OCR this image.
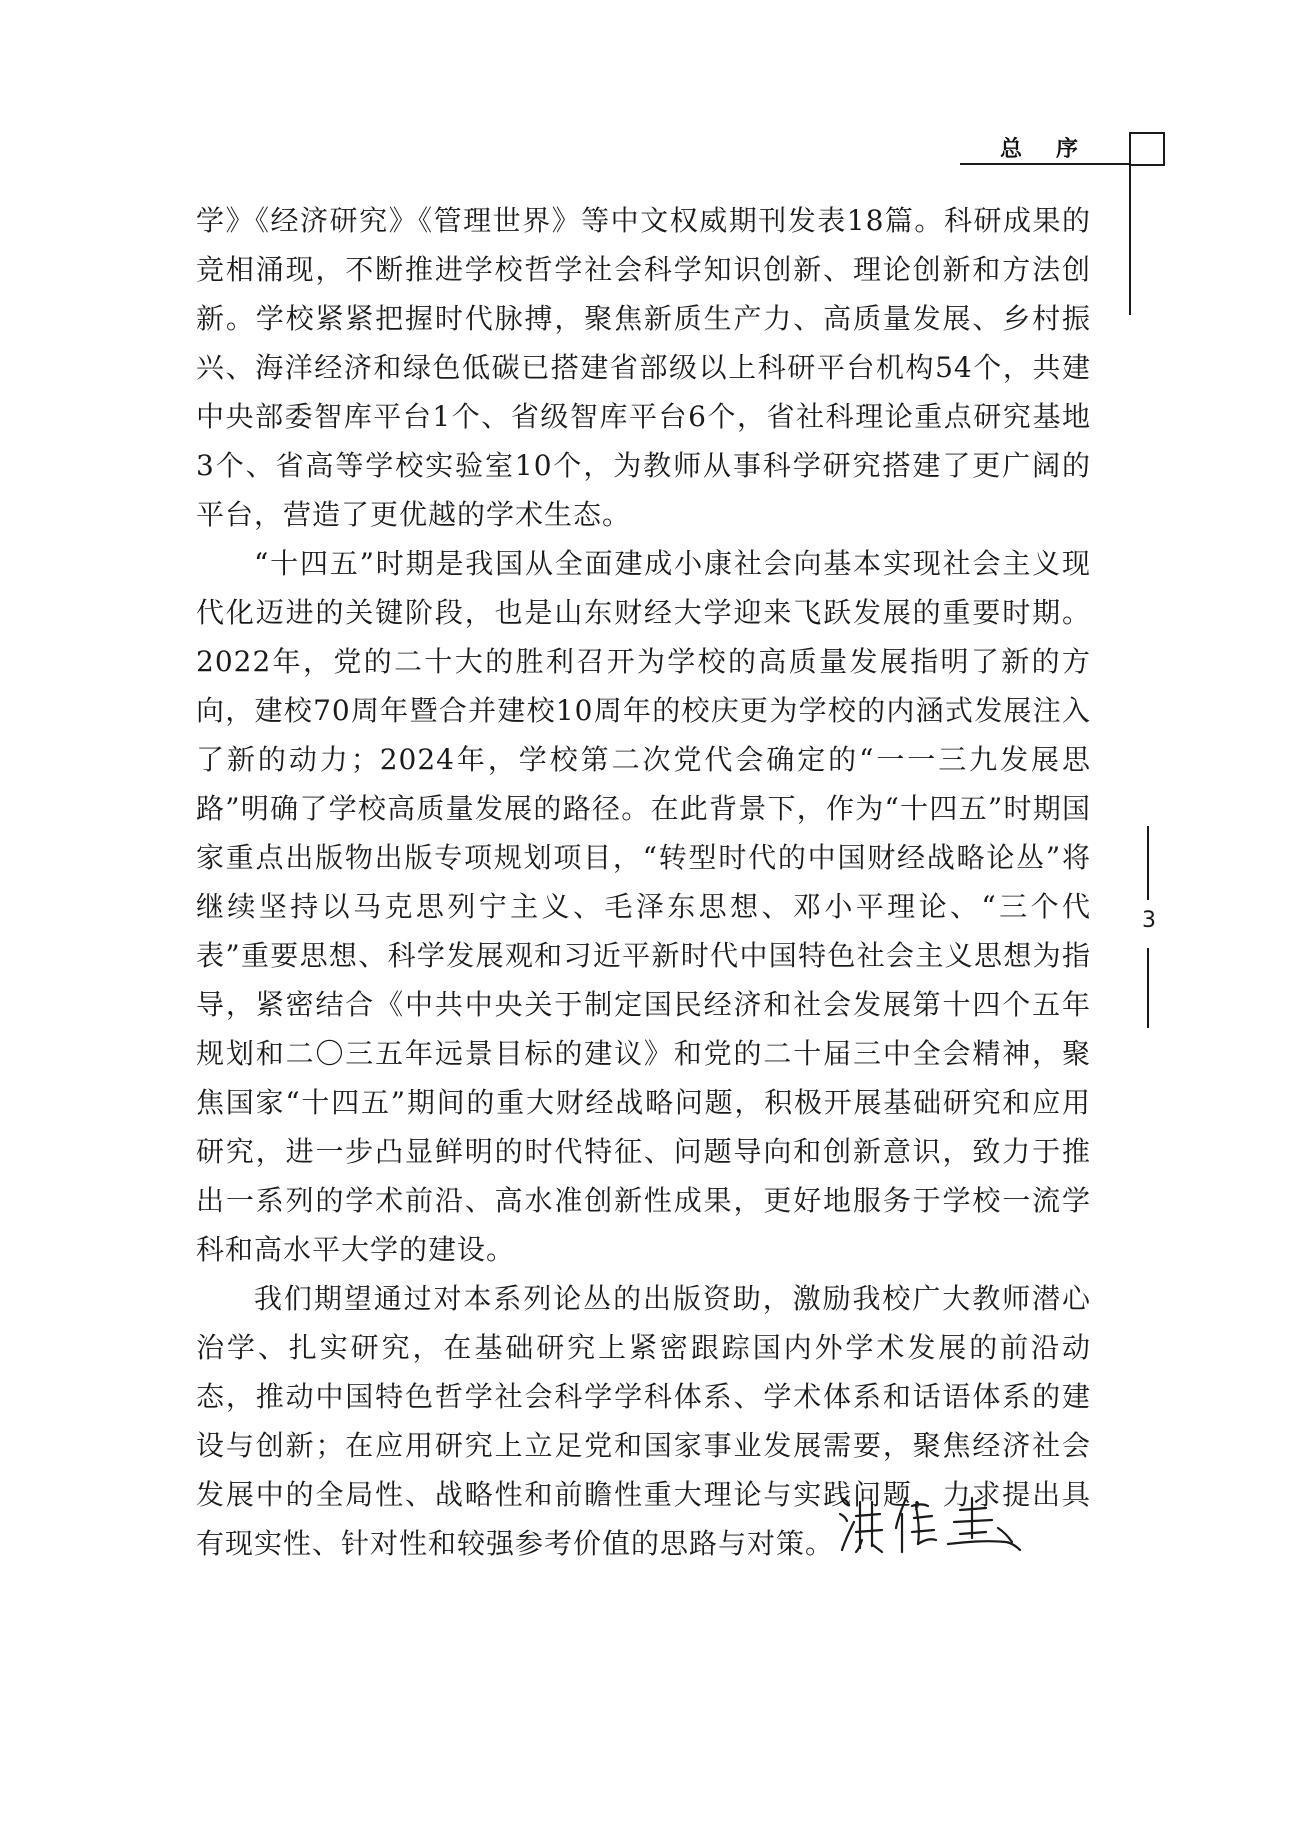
总序
3

学》《经济研究》《管理世界》等中文权威期刊发表18篇。科研成果的竞相涌现，不断推进学校哲学社会科学知识创新、理论创新和方法创新。学校紧紧把握时代脉搏，聚焦新质生产力、高质量发展、乡村振兴、海洋经济和绿色低碳已搭建省部级以上科研平台机构54个，共建中央部委智库平台1个、省级智库平台6个，省社科理论重点研究基地3个、省高等学校实验室10个，为教师从事科学研究搭建了更广阔的平台，营造了更优越的学术生态。

“十四五”时期是我国从全面建成小康社会向基本实现社会主义现代化迈进的关键阶段，也是山东财经大学迎来飞跃发展的重要时期。2022年，党的二十大的胜利召开为学校的高质量发展指明了新的方向，建校70周年暨合并建校10周年的校庆更为学校的内涵式发展注入了新的动力；2024年，学校第二次党代会确定的“一一三九发展思路”明确了学校高质量发展的路径。在此背景下，作为“十四五”时期国家重点出版物出版专项规划项目，“转型时代的中国财经战略论丛”将继续坚持以马克思列宁主义、毛泽东思想、邓小平理论、“三个代表”重要思想、科学发展观和习近平新时代中国特色社会主义思想为指导，紧密结合《中共中央关于制定国民经济和社会发展第十四个五年规划和二〇三五年远景目标的建议》和党的二十届三中全会精神，聚焦国家“十四五”期间的重大财经战略问题，积极开展基础研究和应用研究，进一步凸显鲜明的时代特征、问题导向和创新意识，致力于推出一系列的学术前沿、高水准创新性成果，更好地服务于学校一流学科和高水平大学的建设。

我们期望通过对本系列论丛的出版资助，激励我校广大教师潜心治学、扎实研究，在基础研究上紧密跟踪国内外学术发展的前沿动态，推动中国特色哲学社会科学学科体系、学术体系和话语体系的建设与创新；在应用研究上立足党和国家事业发展需要，聚焦经济社会发展中的全局性、战略性和前瞻性重大理论与实践问题，力求提出具有现实性、针对性和较强参考价值的思路与对策。
